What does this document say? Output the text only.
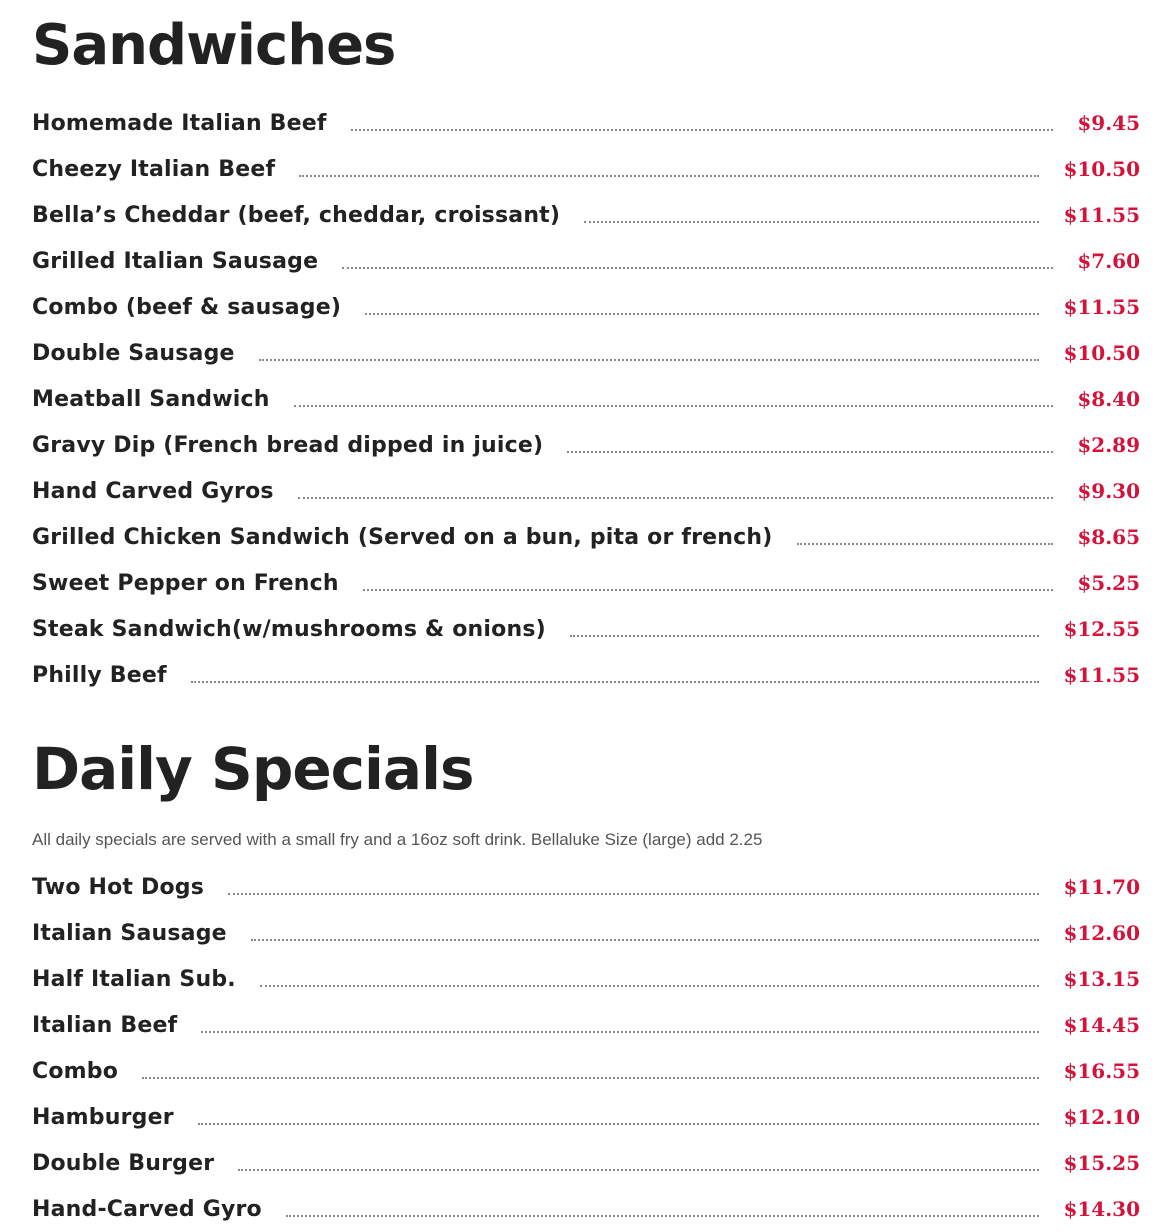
Sandwiches
Homemade Italian Beef	$9.45
Cheezy Italian Beef	$10.50
Bella’s Cheddar (beef, cheddar, croissant)	$11.55
Grilled Italian Sausage	$7.60
Combo (beef & sausage)	$11.55
Double Sausage	$10.50
Meatball Sandwich	$8.40
Gravy Dip (French bread dipped in juice)	$2.89
Hand Carved Gyros	$9.30
Grilled Chicken Sandwich (Served on a bun, pita or french)	$8.65
Sweet Pepper on French	$5.25
Steak Sandwich(w/mushrooms & onions)	$12.55
Philly Beef	$11.55
Daily Specials

All daily specials are served with a small fry and a 16oz soft drink. Bellaluke Size (large) add 2.25

Two Hot Dogs	$11.70
Italian Sausage	$12.60
Half Italian Sub.	$13.15
Italian Beef	$14.45
Combo	$16.55
Hamburger	$12.10
Double Burger	$15.25
Hand-Carved Gyro	$14.30
